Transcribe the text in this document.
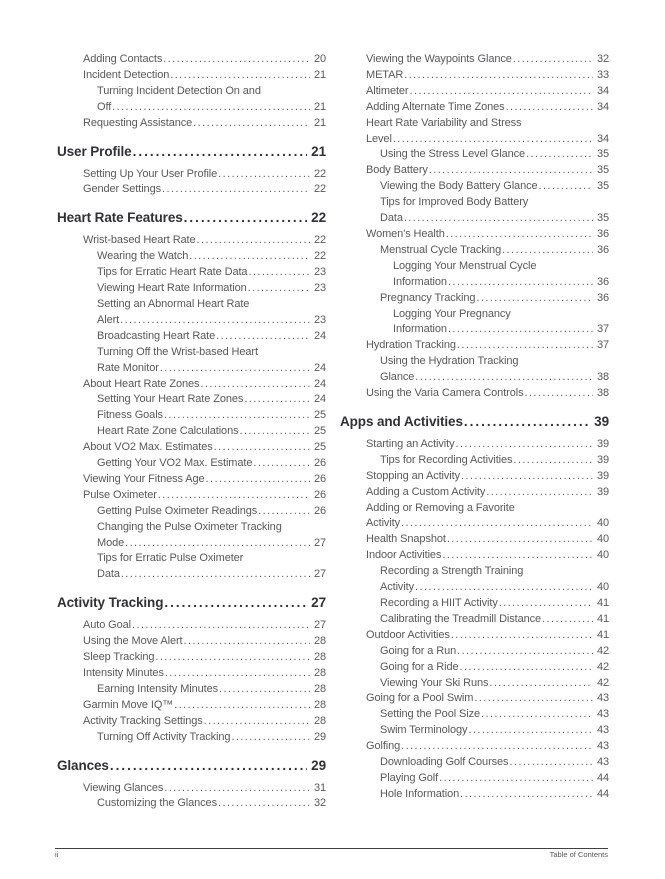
Adding Contacts .....	20
Incident Detection .....	21
Turning Incident Detection On and
Off .....	21
Requesting Assistance .....	21
User Profile .....	21
Setting Up Your User Profile .....	22
Gender Settings .....	22
Heart Rate Features .....	22
Wrist-based Heart Rate .....	22
Wearing the Watch .....	22
Tips for Erratic Heart Rate Data .....	23
Viewing Heart Rate Information .....	23
Setting an Abnormal Heart Rate
Alert .....	23
Broadcasting Heart Rate .....	24
Turning Off the Wrist-based Heart
Rate Monitor .....	24
About Heart Rate Zones .....	24
Setting Your Heart Rate Zones .....	24
Fitness Goals .....	25
Heart Rate Zone Calculations .....	25
About VO2 Max. Estimates .....	25
Getting Your VO2 Max. Estimate .....	26
Viewing Your Fitness Age .....	26
Pulse Oximeter .....	26
Getting Pulse Oximeter Readings .....	26
Changing the Pulse Oximeter Tracking
Mode .....	27
Tips for Erratic Pulse Oximeter
Data .....	27
Activity Tracking .....	27
Auto Goal .....	27
Using the Move Alert .....	28
Sleep Tracking .....	28
Intensity Minutes .....	28
Earning Intensity Minutes .....	28
Garmin Move IQ™ .....	28
Activity Tracking Settings .....	28
Turning Off Activity Tracking .....	29
Glances .....	29
Viewing Glances .....	31
Customizing the Glances .....	32
Viewing the Waypoints Glance .....	32
METAR .....	33
Altimeter .....	34
Adding Alternate Time Zones .....	34
Heart Rate Variability and Stress
Level .....	34
Using the Stress Level Glance .....	35
Body Battery .....	35
Viewing the Body Battery Glance .....	35
Tips for Improved Body Battery
Data .....	35
Women's Health .....	36
Menstrual Cycle Tracking .....	36
Logging Your Menstrual Cycle
Information .....	36
Pregnancy Tracking .....	36
Logging Your Pregnancy
Information .....	37
Hydration Tracking .....	37
Using the Hydration Tracking
Glance .....	38
Using the Varia Camera Controls .....	38
Apps and Activities .....	39
Starting an Activity .....	39
Tips for Recording Activities .....	39
Stopping an Activity .....	39
Adding a Custom Activity .....	39
Adding or Removing a Favorite
Activity .....	40
Health Snapshot .....	40
Indoor Activities .....	40
Recording a Strength Training
Activity .....	40
Recording a HIIT Activity .....	41
Calibrating the Treadmill Distance .....	41
Outdoor Activities .....	41
Going for a Run .....	42
Going for a Ride .....	42
Viewing Your Ski Runs .....	42
Going for a Pool Swim .....	43
Setting the Pool Size .....	43
Swim Terminology .....	43
Golfing .....	43
Downloading Golf Courses .....	43
Playing Golf .....	44
Hole Information .....	44
ii	Table of Contents
